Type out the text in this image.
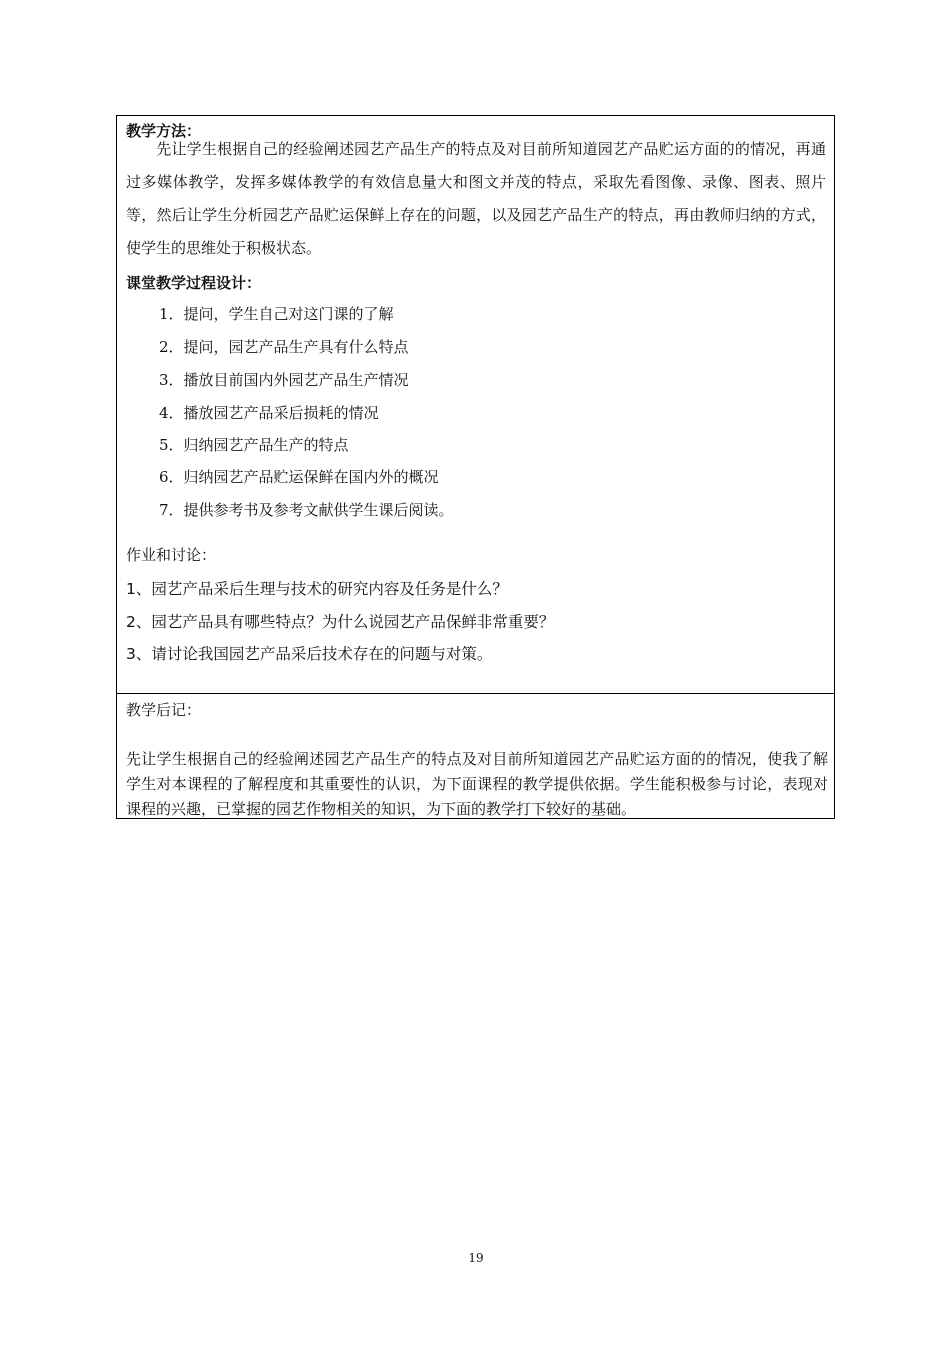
教学方法：
先让学生根据自己的经验阐述园艺产品生产的特点及对目前所知道园艺产品贮运方面的的情况，再通过多媒体教学，发挥多媒体教学的有效信息量大和图文并茂的特点，采取先看图像、录像、图表、照片等，然后让学生分析园艺产品贮运保鲜上存在的问题，以及园艺产品生产的特点，再由教师归纳的方式，使学生的思维处于积极状态。
课堂教学过程设计：
1．提问，学生自己对这门课的了解
2．提问，园艺产品生产具有什么特点
3．播放目前国内外园艺产品生产情况
4．播放园艺产品采后损耗的情况
5．归纳园艺产品生产的特点
6．归纳园艺产品贮运保鲜在国内外的概况
7．提供参考书及参考文献供学生课后阅读。
作业和讨论：
1、园艺产品采后生理与技术的研究内容及任务是什么？
2、园艺产品具有哪些特点？为什么说园艺产品保鲜非常重要？
3、请讨论我国园艺产品采后技术存在的问题与对策。
教学后记：
先让学生根据自己的经验阐述园艺产品生产的特点及对目前所知道园艺产品贮运方面的的情况，使我了解学生对本课程的了解程度和其重要性的认识，为下面课程的教学提供依据。学生能积极参与讨论，表现对课程的兴趣，已掌握的园艺作物相关的知识，为下面的教学打下较好的基础。
19
